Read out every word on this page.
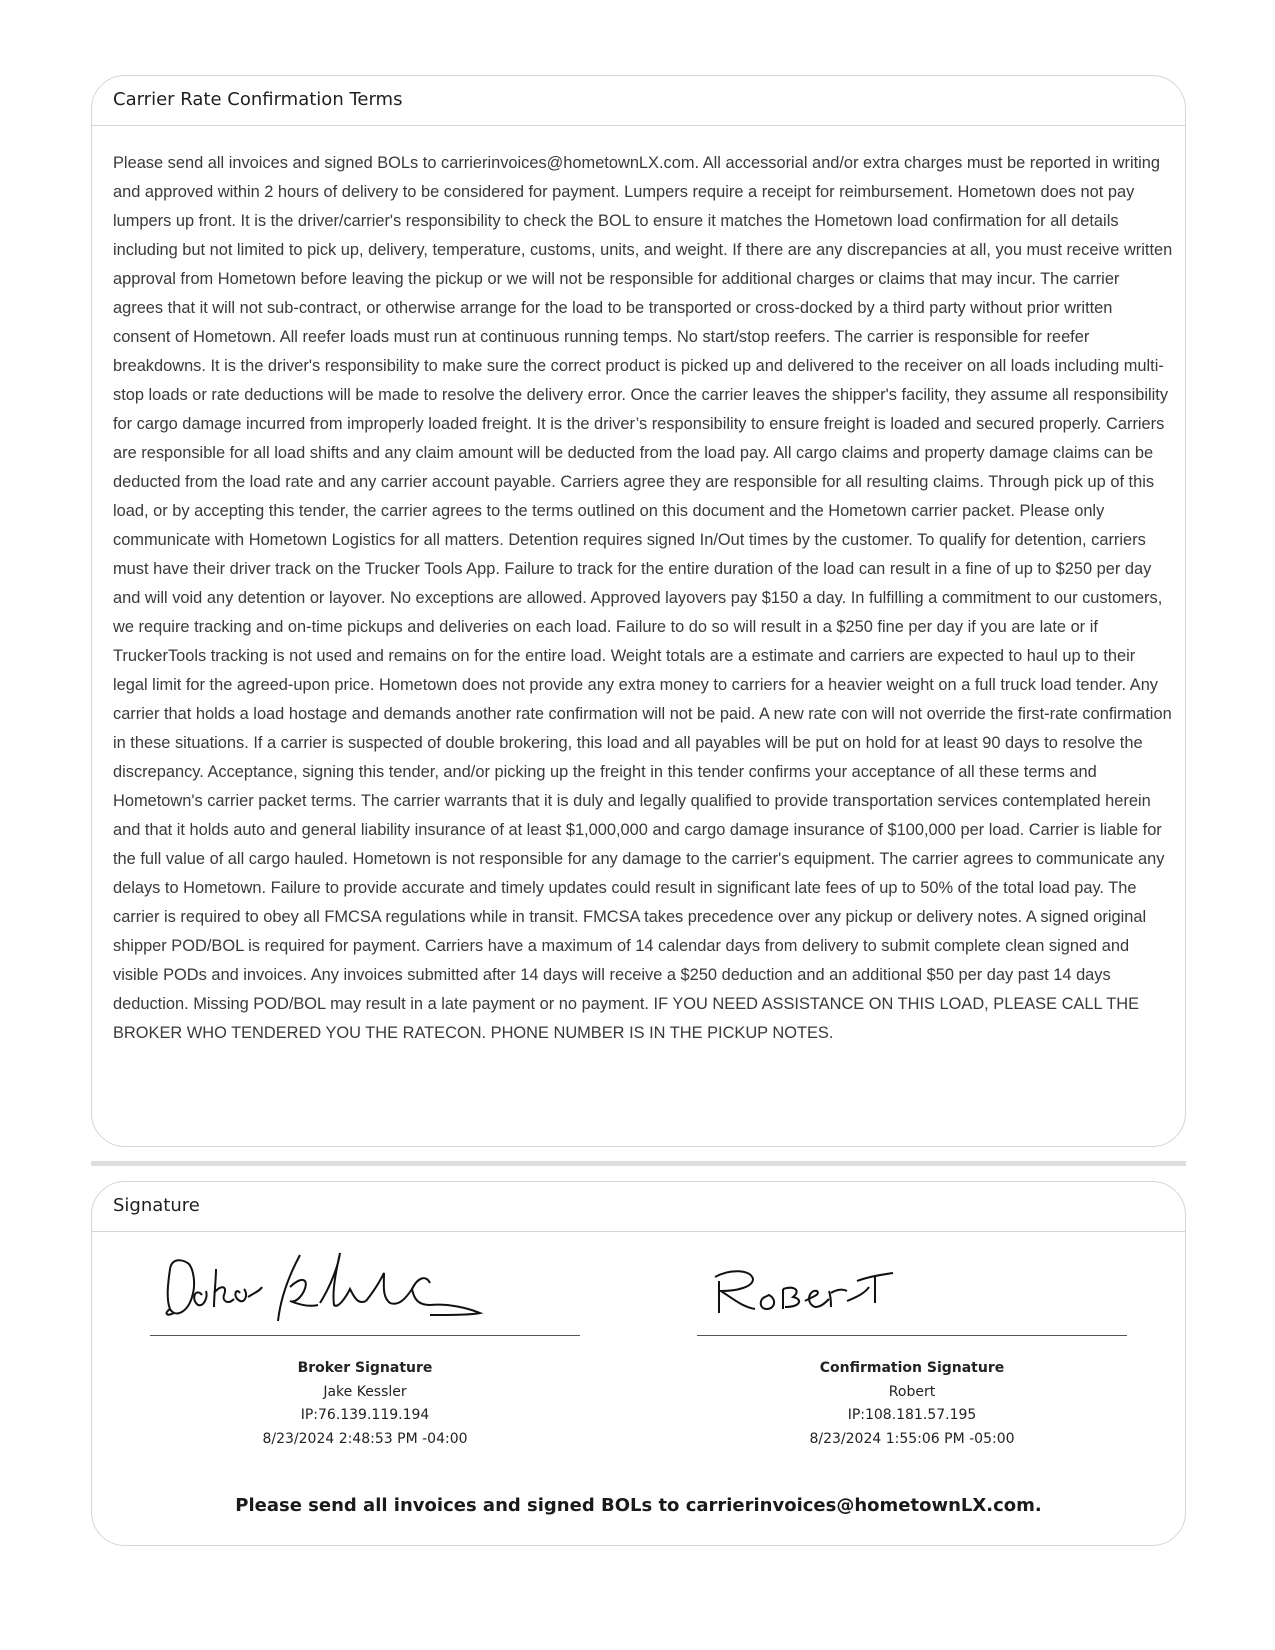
Carrier Rate Confirmation Terms

Please send all invoices and signed BOLs to carrierinvoices@hometownLX.com. All accessorial and/or extra charges must be reported in writing and approved within 2 hours of delivery to be considered for payment. Lumpers require a receipt for reimbursement. Hometown does not pay lumpers up front. It is the driver/carrier's responsibility to check the BOL to ensure it matches the Hometown load confirmation for all details including but not limited to pick up, delivery, temperature, customs, units, and weight. If there are any discrepancies at all, you must receive written approval from Hometown before leaving the pickup or we will not be responsible for additional charges or claims that may incur. The carrier agrees that it will not sub-contract, or otherwise arrange for the load to be transported or cross-docked by a third party without prior written consent of Hometown. All reefer loads must run at continuous running temps. No start/stop reefers. The carrier is responsible for reefer breakdowns. It is the driver's responsibility to make sure the correct product is picked up and delivered to the receiver on all loads including multi-stop loads or rate deductions will be made to resolve the delivery error. Once the carrier leaves the shipper's facility, they assume all responsibility for cargo damage incurred from improperly loaded freight. It is the driver’s responsibility to ensure freight is loaded and secured properly. Carriers are responsible for all load shifts and any claim amount will be deducted from the load pay. All cargo claims and property damage claims can be deducted from the load rate and any carrier account payable. Carriers agree they are responsible for all resulting claims. Through pick up of this load, or by accepting this tender, the carrier agrees to the terms outlined on this document and the Hometown carrier packet. Please only communicate with Hometown Logistics for all matters. Detention requires signed In/Out times by the customer. To qualify for detention, carriers must have their driver track on the Trucker Tools App. Failure to track for the entire duration of the load can result in a fine of up to $250 per day and will void any detention or layover. No exceptions are allowed. Approved layovers pay $150 a day. In fulfilling a commitment to our customers, we require tracking and on-time pickups and deliveries on each load. Failure to do so will result in a $250 fine per day if you are late or if TruckerTools tracking is not used and remains on for the entire load. Weight totals are a estimate and carriers are expected to haul up to their legal limit for the agreed-upon price. Hometown does not provide any extra money to carriers for a heavier weight on a full truck load tender. Any carrier that holds a load hostage and demands another rate confirmation will not be paid. A new rate con will not override the first-rate confirmation in these situations. If a carrier is suspected of double brokering, this load and all payables will be put on hold for at least 90 days to resolve the discrepancy. Acceptance, signing this tender, and/or picking up the freight in this tender confirms your acceptance of all these terms and Hometown's carrier packet terms. The carrier warrants that it is duly and legally qualified to provide transportation services contemplated herein and that it holds auto and general liability insurance of at least $1,000,000 and cargo damage insurance of $100,000 per load. Carrier is liable for the full value of all cargo hauled. Hometown is not responsible for any damage to the carrier's equipment. The carrier agrees to communicate any delays to Hometown. Failure to provide accurate and timely updates could result in significant late fees of up to 50% of the total load pay. The carrier is required to obey all FMCSA regulations while in transit. FMCSA takes precedence over any pickup or delivery notes. A signed original shipper POD/BOL is required for payment. Carriers have a maximum of 14 calendar days from delivery to submit complete clean signed and visible PODs and invoices. Any invoices submitted after 14 days will receive a $250 deduction and an additional $50 per day past 14 days deduction. Missing POD/BOL may result in a late payment or no payment. IF YOU NEED ASSISTANCE ON THIS LOAD, PLEASE CALL THE BROKER WHO TENDERED YOU THE RATECON. PHONE NUMBER IS IN THE PICKUP NOTES.

Signature
Broker Signature
Jake Kessler
IP:76.139.119.194
8/23/2024 2:48:53 PM -04:00
Confirmation Signature
Robert
IP:108.181.57.195
8/23/2024 1:55:06 PM -05:00
Please send all invoices and signed BOLs to carrierinvoices@hometownLX.com.
